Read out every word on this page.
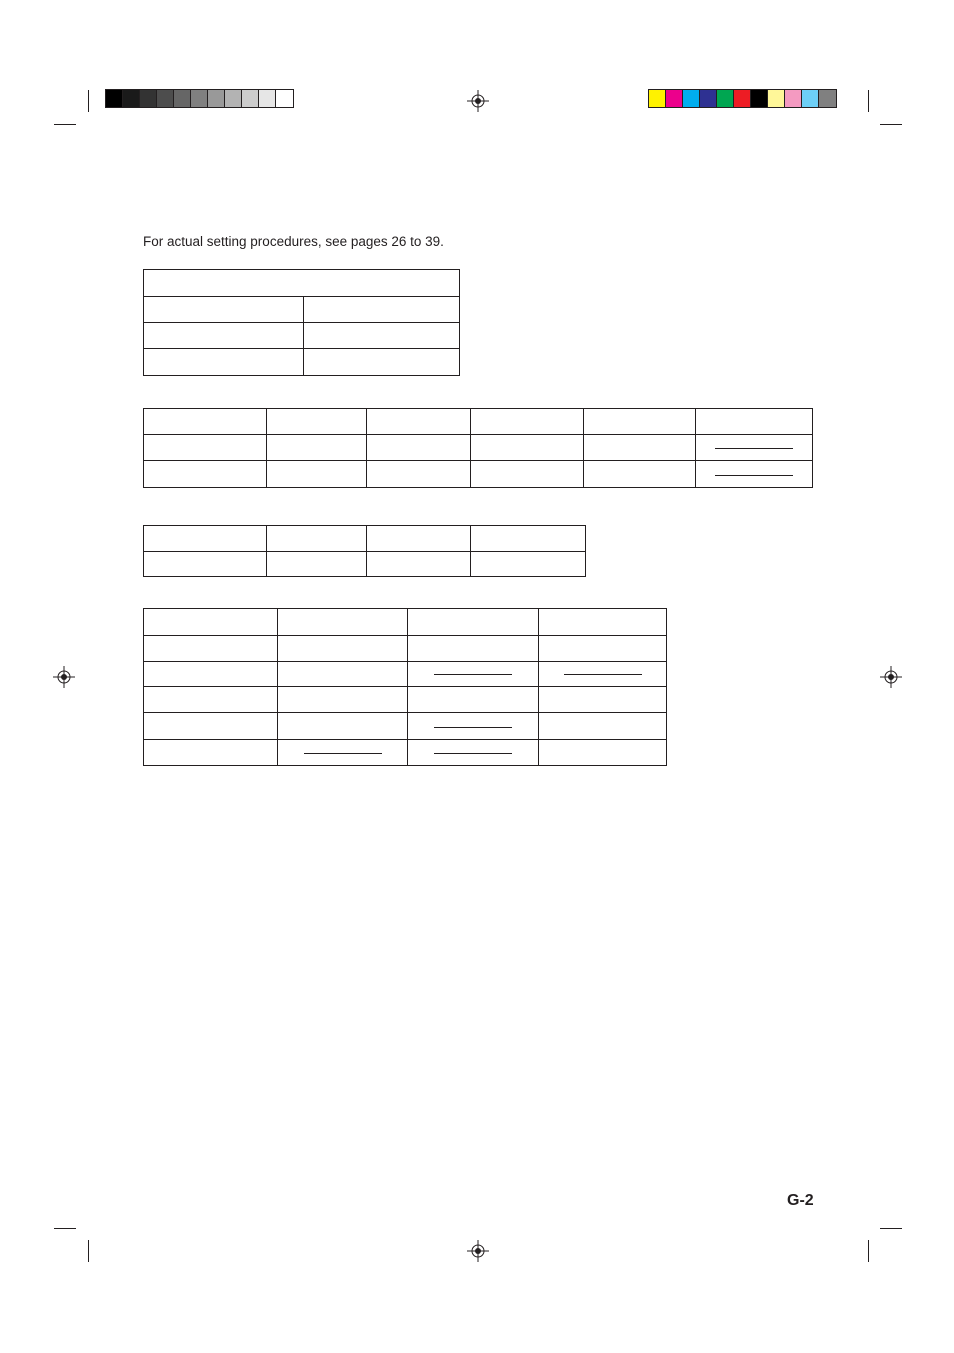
For actual setting procedures, see pages 26 to 39.

G-2
